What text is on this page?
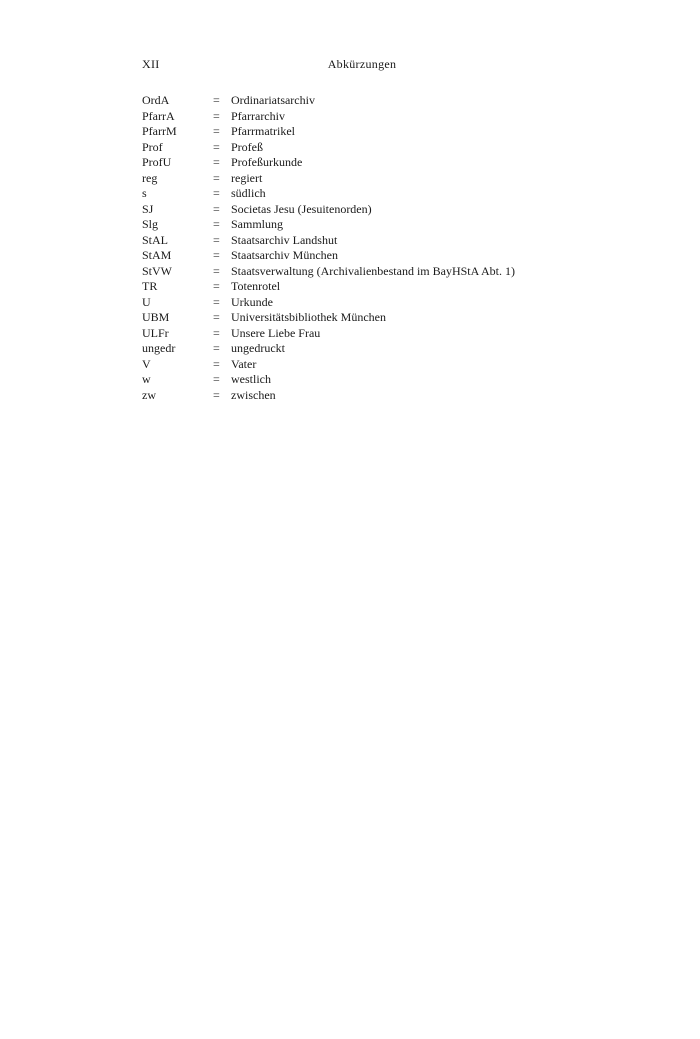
XII	Abkürzungen
OrdA	= Ordinariatsarchiv
PfarrA	= Pfarrarchiv
PfarrM	= Pfarrmatrikel
Prof	= Profeß
ProfU	= Profeßurkunde
reg	= regiert
s	= südlich
SJ	= Societas Jesu (Jesuitenorden)
Slg	= Sammlung
StAL	= Staatsarchiv Landshut
StAM	= Staatsarchiv München
StVW	= Staatsverwaltung (Archivalienbestand im BayHStA Abt. 1)
TR	= Totenrotel
U	= Urkunde
UBM	= Universitätsbibliothek München
ULFr	= Unsere Liebe Frau
ungedr	= ungedruckt
V	= Vater
w	= westlich
zw	= zwischen
